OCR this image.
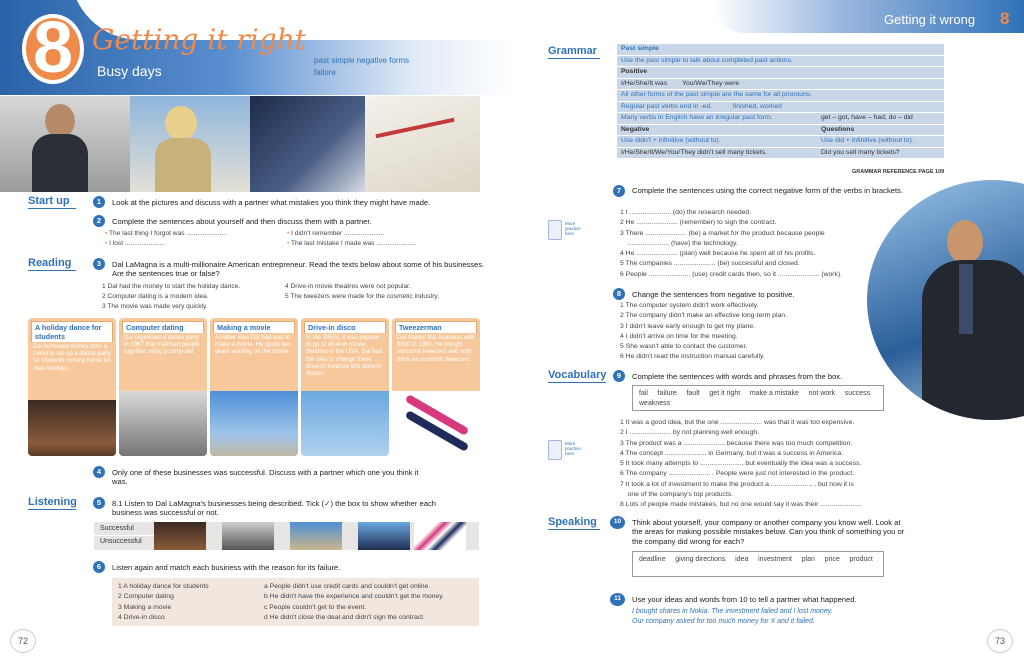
8 Getting it right
Busy days
past simple negative forms
failure
Start up	1	Look at the pictures and discuss with a partner what mistakes you think they might have made.
2	Complete the sentences about yourself and then discuss them with a partner.
• The last thing I forgot was ......................
• I lost ......................
• I didn't remember ......................
• The last mistake I made was ......................
Reading	3	Dal LaMagna is a multi-millionaire American entrepreneur. Read the texts below about some of his businesses. Are the sentences true or false?
1 Dal had the money to start the holiday dance.
2 Computer dating is a modern idea.
3 The movie was made very quickly.
4 Drive-in movie theatres were not popular.
5 The tweezers were made for the cosmetic industry.
A holiday dance for students
Dal borrowed money from a friend to set up a dance party for students coming home for their holidays.
Computer dating
Dal organised a dance party in 1967 that matched people together using a computer.
Making a movie
Another idea Dal had was to make a movie. He spent two years working on the movie.
Drive-in disco
In the 1960s, it was popular to go to drive-in movie theatres in the USA. Dal had the idea to change these drive-in theatres into drive-in discos.
Tweezerman
Dal started this business with $500 in 1980. He bought industrial tweezers and sold them as cosmetic tweezers.
4	Only one of these businesses was successful. Discuss with a partner which one you think it was.
Listening	5	8.1 Listen to Dal LaMagna's businesses being described. Tick (✓) the box to show whether each business was successful or not.
Successful
Unsuccessful
6	Listen again and match each business with the reason for its failure.
1 A holiday dance for students
2 Computer dating
3 Making a movie
4 Drive-in disco
a People didn't use credit cards and couldn't get online.
b He didn't have the experience and couldn't get the money.
c People couldn't get to the event.
d He didn't close the deal and didn't sign the contract.
72
Getting it wrong 8
Grammar	Past simple
Use the past simple to talk about completed past actions.
Positive
I/He/She/It was        You/We/They were
All other forms of the past simple are the same for all pronouns.
Regular past verbs end in -ed.           finished, worked
Many verbs in English have an irregular past form.	get – got, have – had, do – did
Negative	Questions
Use didn't + infinitive (without to).	Use did + infinitive (without to).
I/He/She/It/We/You/They didn't sell many tickets.	Did you sell many tickets?
GRAMMAR REFERENCE PAGE 109
7	Complete the sentences using the correct negative form of the verbs in brackets.
1 I ...................... (do) the research needed.
2 He ...................... (remember) to sign the contract.
3 There ...................... (be) a market for the product because people
...................... (have) the technology.
4 He ...................... (plan) well because he spent all of his profits.
5 The companies ...................... (be) successful and closed.
6 People ...................... (use) credit cards then, so it ...................... (work).
More practice here
8	Change the sentences from negative to positive.
1 The computer system didn't work effectively.
2 The company didn't make an effective long-term plan.
3 I didn't leave early enough to get my plane.
4 I didn't arrive on time for the meeting.
5 She wasn't able to contact the customer.
6 He didn't read the instruction manual carefully.
Vocabulary	9	Complete the sentences with words and phrases from the box.
fail     failure     fault     get it right     make a mistake     not work     success     weakness
1 It was a good idea, but the one ...................... was that it was too expensive.
2 I ...................... by not planning well enough.
3 The product was a ...................... because there was too much competition.
4 The concept ...................... in Germany, but it was a success in America.
5 It took many attempts to ......................, but eventually the idea was a success.
6 The company ...................... . People were just not interested in the product.
7 It took a lot of investment to make the product a ...................... , but now it is
one of the company's top products.
8 Lots of people made mistakes, but no one would say it was their ......................
More practice here
Speaking	10	Think about yourself, your company or another company you know well. Look at the areas for making possible mistakes below. Can you think of something you or the company did wrong for each?
deadline     giving directions     idea     investment     plan     price     product
11	Use your ideas and words from 10 to tell a partner what happened.
I bought shares in Nokia. The investment failed and I lost money.
Our company asked for too much money for X and it failed.
73
